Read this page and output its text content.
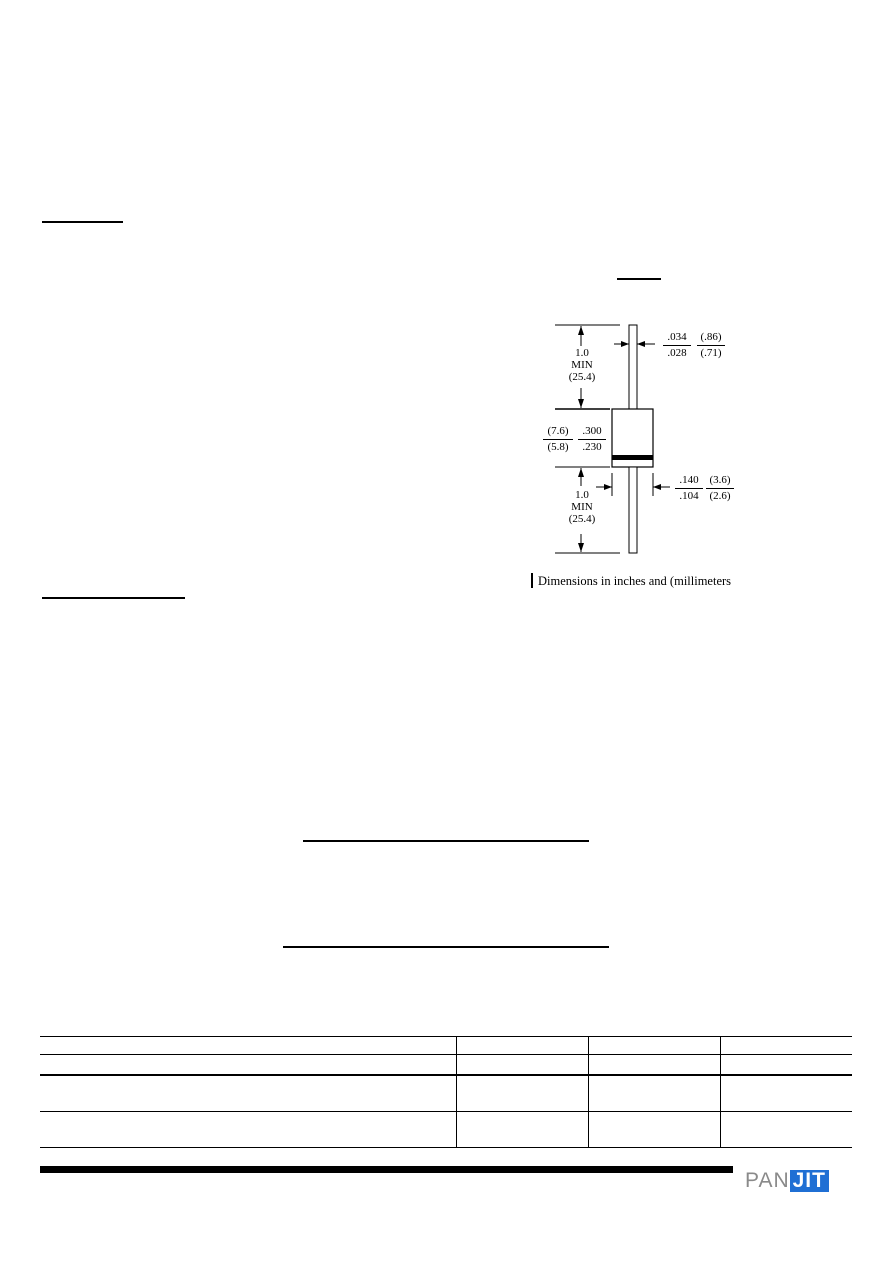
1.0
MIN
(25.4)
1.0
MIN
(25.4)
$\frac{.034}{.028} \frac{(.86)}{(.71)}$
$\frac{(7.6)}{(5.8)} \frac{.300}{.230}$
$\frac{.140}{.104} \frac{(3.6)}{(2.6)}$
Dimensions in inches and (millimeters
PAN JIT
